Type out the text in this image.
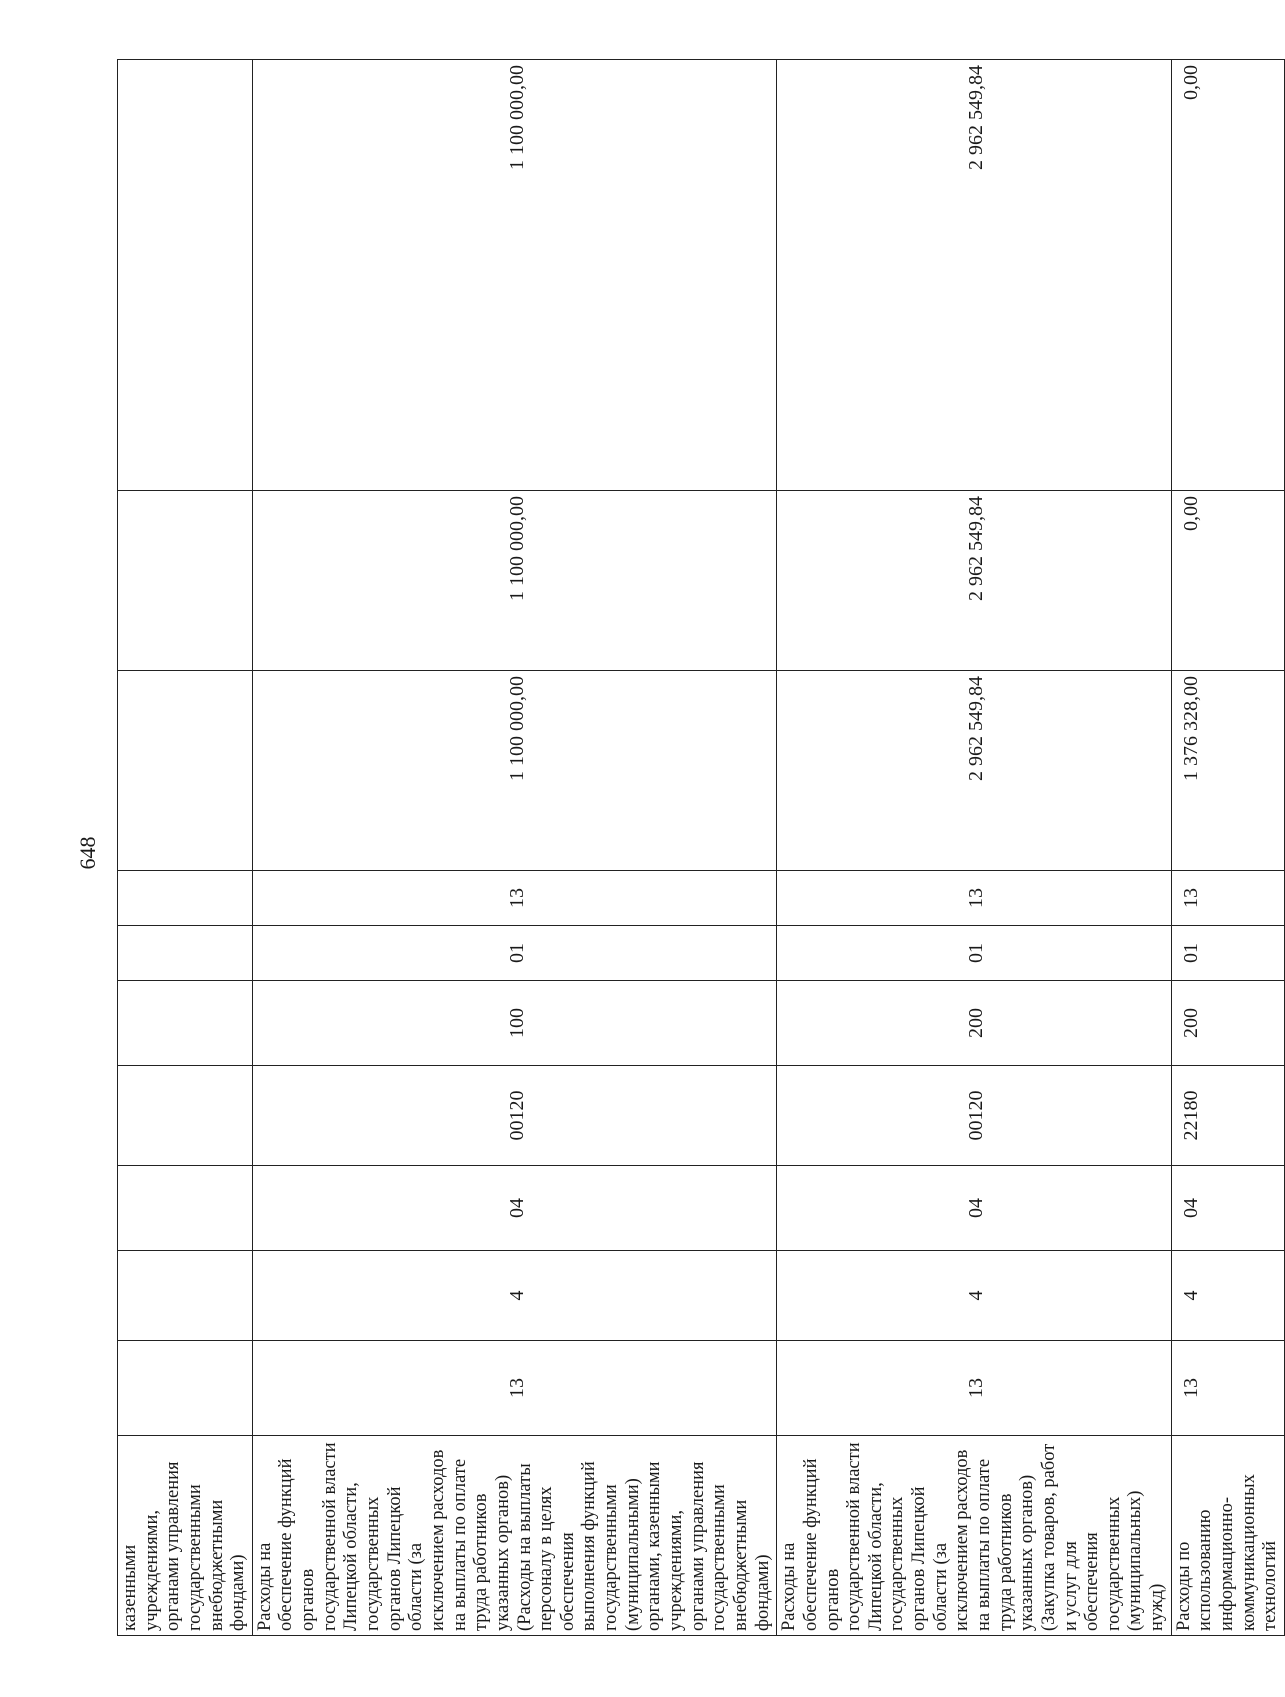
648
казенными учреждениями, органами управления государственными внебюджетными фондами)										
Расходы на обеспечение функций органов государственной власти Липецкой области, государственных органов Липецкой области (за исключением расходов на выплаты по оплате труда работников указанных органов) (Расходы на выплаты персоналу в целях обеспечения выполнения функций государственными (муниципальными) органами, казенными учреждениями, органами управления государственными внебюджетными фондами)	13	4	04	00120	100	01	13	1 100 000,00	1 100 000,00	1 100 000,00
Расходы на обеспечение функций органов государственной власти Липецкой области, государственных органов Липецкой области (за исключением расходов на выплаты по оплате труда работников указанных органов) (Закупка товаров, работ и услуг для обеспечения государственных (муниципальных) нужд)	13	4	04	00120	200	01	13	2 962 549,84	2 962 549,84	2 962 549,84
Расходы по использованию информационно-коммуникационных технологий	13	4	04	22180	200	01	13	1 376 328,00	0,00	0,00
